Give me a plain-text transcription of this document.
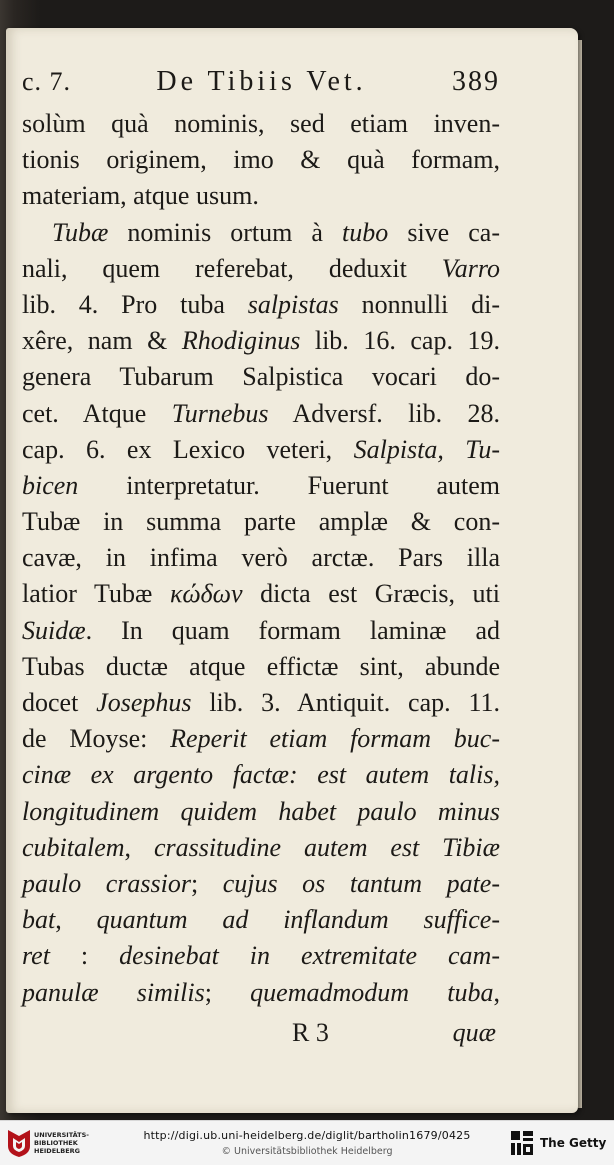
c. 7.	De Tibiis Vet.	389
solùm quà nominis, sed etiam inven-
tionis originem, imo & quà formam,
materiam, atque usum.
Tubæ nominis ortum à tubo sive ca-
nali, quem referebat, deduxit Varro
lib. 4. Pro tuba salpistas nonnulli di-
xêre, nam & Rhodiginus lib. 16. cap. 19.
genera Tubarum Salpistica vocari do-
cet. Atque Turnebus Adversf. lib. 28.
cap. 6. ex Lexico veteri, Salpista, Tu-
bicen interpretatur. Fuerunt autem
Tubæ in summa parte amplæ & con-
cavæ, in infima verò arctæ. Pars illa
latior Tubæ κώδων dicta est Græcis, uti
Suidæ. In quam formam laminæ ad
Tubas ductæ atque effictæ sint, abunde
docet Josephus lib. 3. Antiquit. cap. 11.
de Moyse: Reperit etiam formam buc-
cinæ ex argento factæ: est autem talis,
longitudinem quidem habet paulo minus
cubitalem, crassitudine autem est Tibiæ
paulo crassior; cujus os tantum pate-
bat, quantum ad inflandum suffice-
ret : desinebat in extremitate cam-
panulæ similis; quemadmodum tuba,
R 3	quæ
UNIVERSITÄTS- BIBLIOTHEK HEIDELBERG
http://digi.ub.uni-heidelberg.de/diglit/bartholin1679/0425
© Universitätsbibliothek Heidelberg
The Getty
